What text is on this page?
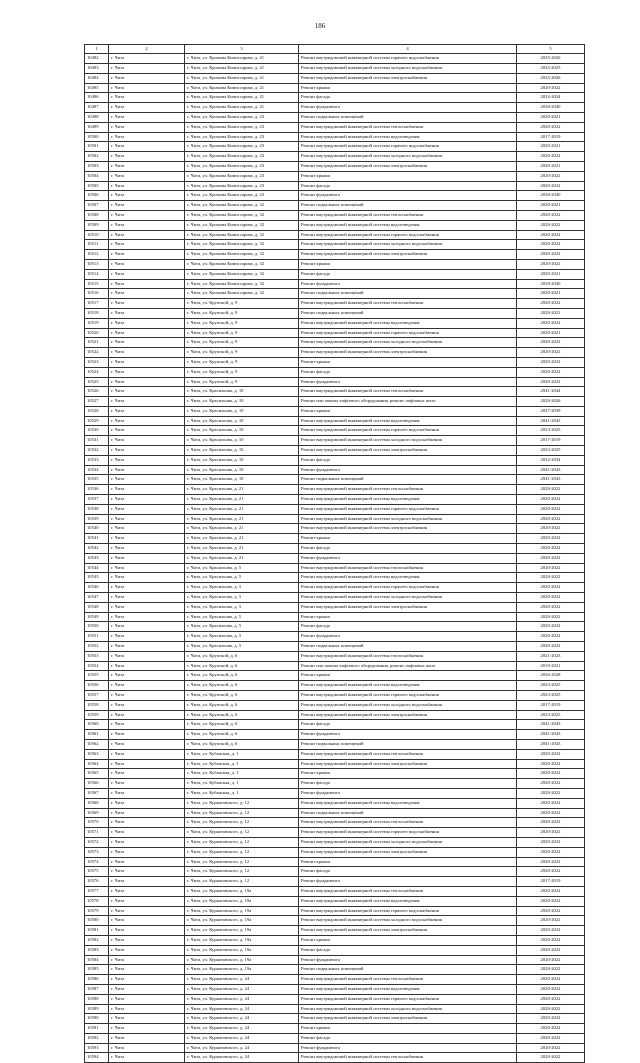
186
1	2	3	4	5
10492	г. Чита	г. Чита, ул. Кромова Комиссарова, д. 21	Ремонт внутридомовой инженерной системы горячего водоснабжения	2025-2026
10493	г. Чита	г. Чита, ул. Кромова Комиссарова, д. 21	Ремонт внутридомовой инженерной системы холодного водоснабжения	2025-2025
10494	г. Чита	г. Чита, ул. Кромова Комиссарова, д. 21	Ремонт внутридомовой инженерной системы электроснабжения	2025-2026
10495	г. Чита	г. Чита, ул. Кромова Комиссарова, д. 21	Ремонт крыши	2020-2022
10496	г. Чита	г. Чита, ул. Кромова Комиссарова, д. 21	Ремонт фасада	2032-2034
10497	г. Чита	г. Чита, ул. Кромова Комиссарова, д. 21	Ремонт фундамента	2038-2040
10498	г. Чита	г. Чита, ул. Кромова Комиссарова, д. 23	Ремонт подвальных помещений	2020-2021
10499	г. Чита	г. Чита, ул. Кромова Комиссарова, д. 23	Ремонт внутридомовой инженерной системы теплоснабжения	2020-2022
10500	г. Чита	г. Чита, ул. Кромова Комиссарова, д. 23	Ремонт внутридомовой инженерной системы водоотведения	2017-2019
10501	г. Чита	г. Чита, ул. Кромова Комиссарова, д. 23	Ремонт внутридомовой инженерной системы горячего водоснабжения	2020-2021
10502	г. Чита	г. Чита, ул. Кромова Комиссарова, д. 23	Ремонт внутридомовой инженерной системы холодного водоснабжения	2020-2022
10503	г. Чита	г. Чита, ул. Кромова Комиссарова, д. 23	Ремонт внутридомовой инженерной системы электроснабжения	2020-2021
10504	г. Чита	г. Чита, ул. Кромова Комиссарова, д. 23	Ремонт крыши	2020-2022
10505	г. Чита	г. Чита, ул. Кромова Комиссарова, д. 23	Ремонт фасада	2020-2022
10506	г. Чита	г. Чита, ул. Кромова Комиссарова, д. 23	Ремонт фундамента	2038-2040
10507	г. Чита	г. Чита, ул. Кромова Комиссарова, д. 32	Ремонт подвальных помещений	2020-2021
10508	г. Чита	г. Чита, ул. Кромова Комиссарова, д. 32	Ремонт внутридомовой инженерной системы теплоснабжения	2020-2022
10509	г. Чита	г. Чита, ул. Кромова Комиссарова, д. 32	Ремонт внутридомовой инженерной системы водоотведения	2020-2022
10510	г. Чита	г. Чита, ул. Кромова Комиссарова, д. 32	Ремонт внутридомовой инженерной системы горячего водоснабжения	2020-2022
10511	г. Чита	г. Чита, ул. Кромова Комиссарова, д. 32	Ремонт внутридомовой инженерной системы холодного водоснабжения	2020-2022
10512	г. Чита	г. Чита, ул. Кромова Комиссарова, д. 32	Ремонт внутридомовой инженерной системы электроснабжения	2020-2022
10513	г. Чита	г. Чита, ул. Кромова Комиссарова, д. 32	Ремонт крыши	2020-2022
10514	г. Чита	г. Чита, ул. Кромова Комиссарова, д. 32	Ремонт фасада	2020-2021
10515	г. Чита	г. Чита, ул. Кромова Комиссарова, д. 32	Ремонт фундамента	2038-2040
10516	г. Чита	г. Чита, ул. Кромова Комиссарова, д. 32	Ремонт подвальных помещений	2020-2021
10517	г. Чита	г. Чита, ул. Крупской, д. 9	Ремонт внутридомовой инженерной системы теплоснабжения	2020-2022
10518	г. Чита	г. Чита, ул. Крупской, д. 9	Ремонт подвальных помещений	2020-2021
10519	г. Чита	г. Чита, ул. Крупской, д. 9	Ремонт внутридомовой инженерной системы водоотведения	2020-2022
10520	г. Чита	г. Чита, ул. Крупской, д. 9	Ремонт внутридомовой инженерной системы горячего водоснабжения	2020-2021
10521	г. Чита	г. Чита, ул. Крупской, д. 9	Ремонт внутридомовой инженерной системы холодного водоснабжения	2020-2022
10522	г. Чита	г. Чита, ул. Крупской, д. 9	Ремонт внутридомовой инженерной системы электроснабжения	2020-2022
10523	г. Чита	г. Чита, ул. Крупской, д. 9	Ремонт крыши	2020-2022
10524	г. Чита	г. Чита, ул. Крупской, д. 9	Ремонт фасада	2020-2022
10525	г. Чита	г. Чита, ул. Крупской, д. 9	Ремонт фундамента	2020-2022
10526	г. Чита	г. Чита, ул. Красильова, д. 10	Ремонт внутридомовой инженерной системы теплоснабжения	2041-2044
10527	г. Чита	г. Чита, ул. Красильова, д. 10	Ремонт или замена лифтового оборудования, ремонт лифтовых шахт	2020-2026
10528	г. Чита	г. Чита, ул. Красильова, д. 10	Ремонт крыши	2037-2039
10529	г. Чита	г. Чита, ул. Красильова, д. 10	Ремонт внутридомовой инженерной системы водоотведения	2041-2043
10530	г. Чита	г. Чита, ул. Красильова, д. 10	Ремонт внутридомовой инженерной системы горячего водоснабжения	2023-2025
10531	г. Чита	г. Чита, ул. Красильова, д. 10	Ремонт внутридомовой инженерной системы холодного водоснабжения	2017-2019
10532	г. Чита	г. Чита, ул. Красильова, д. 10	Ремонт внутридомовой инженерной системы электроснабжения	2023-2025
10533	г. Чита	г. Чита, ул. Красильова, д. 10	Ремонт фасада	2032-2034
10534	г. Чита	г. Чита, ул. Красильова, д. 10	Ремонт фундамента	2041-2043
10535	г. Чита	г. Чита, ул. Красильова, д. 10	Ремонт подвальных помещений	2041-2043
10536	г. Чита	г. Чита, ул. Красильова, д. 21	Ремонт внутридомовой инженерной системы теплоснабжения	2020-2022
10537	г. Чита	г. Чита, ул. Красильова, д. 21	Ремонт внутридомовой инженерной системы водоотведения	2020-2022
10538	г. Чита	г. Чита, ул. Красильова, д. 21	Ремонт внутридомовой инженерной системы горячего водоснабжения	2020-2022
10539	г. Чита	г. Чита, ул. Красильова, д. 21	Ремонт внутридомовой инженерной системы холодного водоснабжения	2020-2022
10540	г. Чита	г. Чита, ул. Красильова, д. 21	Ремонт внутридомовой инженерной системы электроснабжения	2020-2022
10541	г. Чита	г. Чита, ул. Красильова, д. 21	Ремонт крыши	2020-2022
10542	г. Чита	г. Чита, ул. Красильова, д. 21	Ремонт фасада	2020-2022
10543	г. Чита	г. Чита, ул. Красильова, д. 21	Ремонт фундамента	2020-2022
10544	г. Чита	г. Чита, ул. Красильова, д. 5	Ремонт внутридомовой инженерной системы теплоснабжения	2020-2022
10545	г. Чита	г. Чита, ул. Красильова, д. 5	Ремонт внутридомовой инженерной системы водоотведения	2020-2022
10546	г. Чита	г. Чита, ул. Красильова, д. 5	Ремонт внутридомовой инженерной системы горячего водоснабжения	2020-2022
10547	г. Чита	г. Чита, ул. Красильова, д. 5	Ремонт внутридомовой инженерной системы холодного водоснабжения	2020-2022
10548	г. Чита	г. Чита, ул. Красильова, д. 5	Ремонт внутридомовой инженерной системы электроснабжения	2020-2022
10549	г. Чита	г. Чита, ул. Красильова, д. 5	Ремонт крыши	2020-2022
10550	г. Чита	г. Чита, ул. Красильова, д. 5	Ремонт фасада	2020-2022
10551	г. Чита	г. Чита, ул. Красильова, д. 5	Ремонт фундамента	2020-2022
10552	г. Чита	г. Чита, ул. Красильова, д. 5	Ремонт подвальных помещений	2020-2022
10553	г. Чита	г. Чита, ул. Крупской, д. 6	Ремонт внутридомовой инженерной системы теплоснабжения	2021-2023
10554	г. Чита	г. Чита, ул. Крупской, д. 6	Ремонт или замена лифтового оборудования, ремонт лифтовых шахт	2019-2021
10555	г. Чита	г. Чита, ул. Крупской, д. 6	Ремонт крыши	2026-2028
10556	г. Чита	г. Чита, ул. Крупской, д. 6	Ремонт внутридомовой инженерной системы водоотведения	2023-2025
10557	г. Чита	г. Чита, ул. Крупской, д. 6	Ремонт внутридомовой инженерной системы горячего водоснабжения	2023-2025
10558	г. Чита	г. Чита, ул. Крупской, д. 6	Ремонт внутридомовой инженерной системы холодного водоснабжения	2017-2019
10559	г. Чита	г. Чита, ул. Крупской, д. 6	Ремонт внутридомовой инженерной системы электроснабжения	2023-2025
10560	г. Чита	г. Чита, ул. Крупской, д. 6	Ремонт фасада	2041-2043
10561	г. Чита	г. Чита, ул. Крупской, д. 6	Ремонт фундамента	2041-2043
10562	г. Чита	г. Чита, ул. Крупской, д. 6	Ремонт подвальных помещений	2041-2043
10563	г. Чита	г. Чита, ул. Кубанская, д. 1	Ремонт внутридомовой инженерной системы теплоснабжения	2020-2022
10564	г. Чита	г. Чита, ул. Кубанская, д. 1	Ремонт внутридомовой инженерной системы электроснабжения	2020-2022
10565	г. Чита	г. Чита, ул. Кубанская, д. 1	Ремонт крыши	2020-2022
10566	г. Чита	г. Чита, ул. Кубанская, д. 1	Ремонт фасада	2020-2022
10567	г. Чита	г. Чита, ул. Кубанская, д. 1	Ремонт фундамента	2020-2022
10568	г. Чита	г. Чита, ул. Курнатовского, д. 12	Ремонт внутридомовой инженерной системы водоотведения	2020-2022
10569	г. Чита	г. Чита, ул. Курнатовского, д. 12	Ремонт подвальных помещений	2020-2022
10570	г. Чита	г. Чита, ул. Курнатовского, д. 12	Ремонт внутридомовой инженерной системы теплоснабжения	2020-2022
10571	г. Чита	г. Чита, ул. Курнатовского, д. 12	Ремонт внутридомовой инженерной системы горячего водоснабжения	2020-2022
10572	г. Чита	г. Чита, ул. Курнатовского, д. 12	Ремонт внутридомовой инженерной системы холодного водоснабжения	2020-2022
10573	г. Чита	г. Чита, ул. Курнатовского, д. 12	Ремонт внутридомовой инженерной системы электроснабжения	2020-2022
10574	г. Чита	г. Чита, ул. Курнатовского, д. 12	Ремонт крыши	2020-2022
10575	г. Чита	г. Чита, ул. Курнатовского, д. 12	Ремонт фасада	2020-2022
10576	г. Чита	г. Чита, ул. Курнатовского, д. 12	Ремонт фундамента	2017-2019
10577	г. Чита	г. Чита, ул. Курнатовского, д. 19а	Ремонт внутридомовой инженерной системы теплоснабжения	2020-2022
10578	г. Чита	г. Чита, ул. Курнатовского, д. 19а	Ремонт внутридомовой инженерной системы водоотведения	2020-2022
10579	г. Чита	г. Чита, ул. Курнатовского, д. 19а	Ремонт внутридомовой инженерной системы горячего водоснабжения	2020-2022
10580	г. Чита	г. Чита, ул. Курнатовского, д. 19а	Ремонт внутридомовой инженерной системы холодного водоснабжения	2020-2022
10581	г. Чита	г. Чита, ул. Курнатовского, д. 19а	Ремонт внутридомовой инженерной системы электроснабжения	2020-2022
10582	г. Чита	г. Чита, ул. Курнатовского, д. 19а	Ремонт крыши	2020-2022
10583	г. Чита	г. Чита, ул. Курнатовского, д. 19а	Ремонт фасада	2020-2022
10584	г. Чита	г. Чита, ул. Курнатовского, д. 19а	Ремонт фундамента	2020-2022
10585	г. Чита	г. Чита, ул. Курнатовского, д. 19а	Ремонт подвальных помещений	2020-2022
10586	г. Чита	г. Чита, ул. Курнатовского, д. 24	Ремонт внутридомовой инженерной системы теплоснабжения	2020-2022
10587	г. Чита	г. Чита, ул. Курнатовского, д. 24	Ремонт внутридомовой инженерной системы водоотведения	2020-2022
10588	г. Чита	г. Чита, ул. Курнатовского, д. 24	Ремонт внутридомовой инженерной системы горячего водоснабжения	2020-2022
10589	г. Чита	г. Чита, ул. Курнатовского, д. 24	Ремонт внутридомовой инженерной системы холодного водоснабжения	2020-2022
10590	г. Чита	г. Чита, ул. Курнатовского, д. 24	Ремонт внутридомовой инженерной системы электроснабжения	2020-2022
10591	г. Чита	г. Чита, ул. Курнатовского, д. 24	Ремонт крыши	2020-2022
10592	г. Чита	г. Чита, ул. Курнатовского, д. 24	Ремонт фасада	2020-2022
10593	г. Чита	г. Чита, ул. Курнатовского, д. 24	Ремонт фундамента	2020-2022
10594	г. Чита	г. Чита, ул. Курнатовского, д. 24	Ремонт внутридомовой инженерной системы теплоснабжения	2020-2022
